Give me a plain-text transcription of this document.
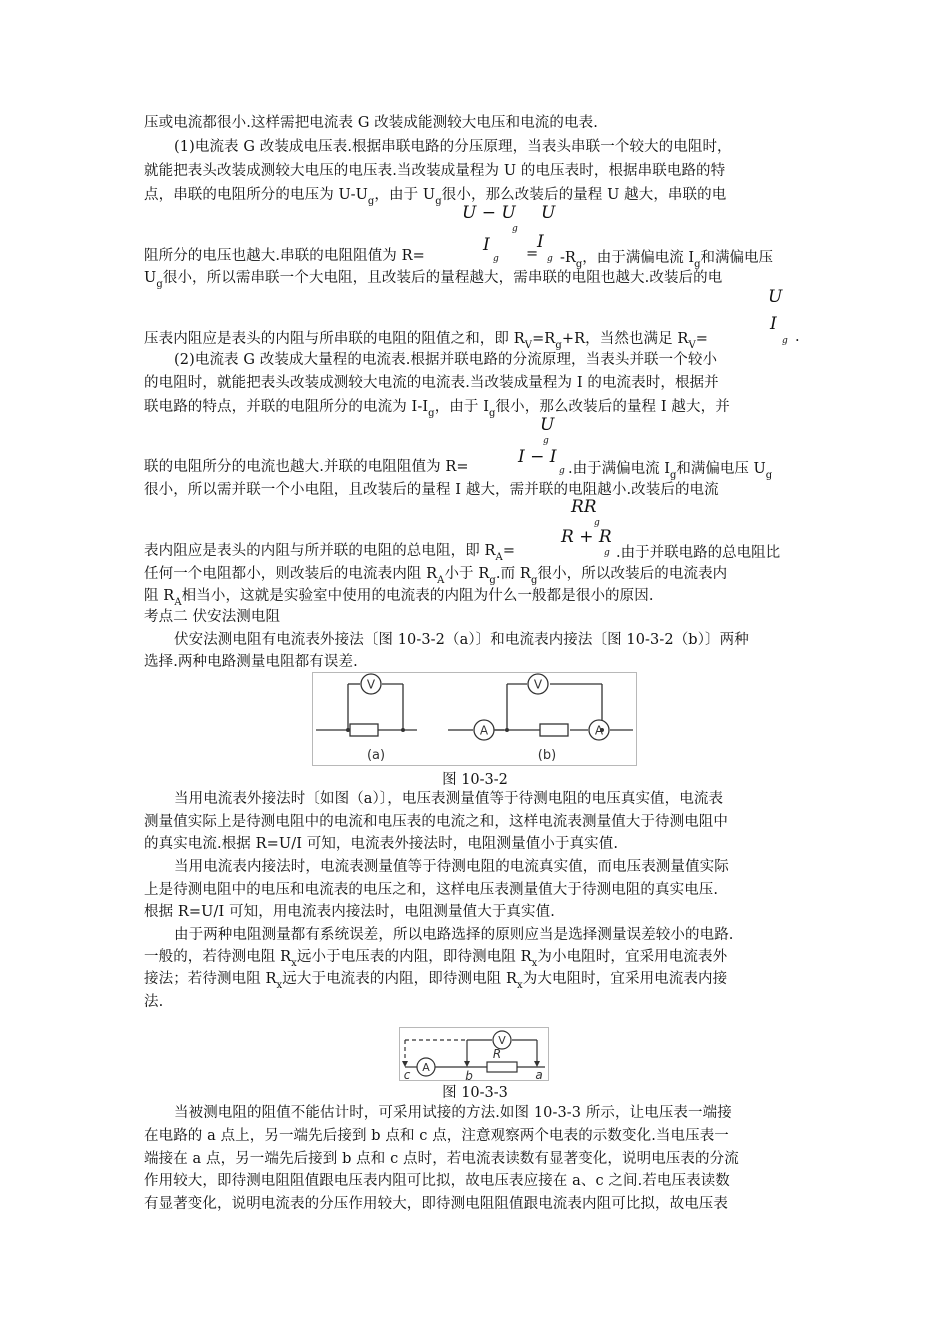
压或电流都很小.这样需把电流表 G 改装成能测较大电压和电流的电表.
(1)电流表 G 改装成电压表.根据串联电路的分压原理，当表头串联一个较大的电阻时，
就能把表头改装成测较大电压的电压表.当改装成量程为 U 的电压表时，根据串联电路的特
点，串联的电阻所分的电压为 $U-U_g$，由于 $U_g$很小，那么改装后的量程 U 越大，串联的电
U − U
g
U
阻所分的电压也越大.串联的电阻阻值为 R=
I
g =
I
g $-R_g$，由于满偏电流 $I_g$和满偏电压
$U_g$很小，所以需串联一个大电阻，且改装后的量程越大，需串联的电阻也越大.改装后的电
U
压表内阻应是表头的内阻与所串联的电阻的阻值之和，即 $R_V=R_g+R$，当然也满足 $R_V=$
I
g .
(2)电流表 G 改装成大量程的电流表.根据并联电路的分流原理，当表头并联一个较小
的电阻时，就能把表头改装成测较大电流的电流表.当改装成量程为 I 的电流表时，根据并
联电路的特点，并联的电阻所分的电流为 $I-I_g$，由于 $I_g$很小，那么改装后的量程 I 越大，并
U
g
联的电阻所分的电流也越大.并联的电阻阻值为 R=	I − I
g .由于满偏电流 $I_g$和满偏电压 $U_g$
很小，所以需并联一个小电阻，且改装后的量程 I 越大，需并联的电阻越小.改装后的电流
RR
g
表内阻应是表头的内阻与所并联的电阻的总电阻，即 $R_A=$
R + R
g .由于并联电路的总电阻比
任何一个电阻都小，则改装后的电流表内阻 $R_A$小于 $R_g$.而 $R_g$很小，所以改装后的电流表内
阻 $R_A$相当小，这就是实验室中使用的电流表的内阻为什么一般都是很小的原因.
考点二 伏安法测电阻
伏安法测电阻有电流表外接法〔图 10-3-2（a）〕和电流表内接法〔图 10-3-2（b）〕两种
选择.两种电路测量电阻都有误差.
V
A
V
A
(a)	(b)
图 10-3-2
当用电流表外接法时〔如图（a）〕，电压表测量值等于待测电阻的电压真实值，电流表
测量值实际上是待测电阻中的电流和电压表的电流之和，这样电流表测量值大于待测电阻中
的真实电流.根据 R=U/I 可知，电流表外接法时，电阻测量值小于真实值.
当用电流表内接法时，电流表测量值等于待测电阻的电流真实值，而电压表测量值实际
上是待测电阻中的电压和电流表的电压之和，这样电压表测量值大于待测电阻的真实电压.
根据 R=U/I 可知，用电流表内接法时，电阻测量值大于真实值.
由于两种电阻测量都有系统误差，所以电路选择的原则应当是选择测量误差较小的电路.
一般的，若待测电阻 $R_x$远小于电压表的内阻，即待测电阻 $R_x$为小电阻时，宜采用电流表外
接法；若待测电阻 $R_x$远大于电流表的内阻，即待测电阻 $R_x$为大电阻时，宜采用电流表内接
法.
A
V
R
c	b	a
图 10-3-3
当被测电阻的阻值不能估计时，可采用试接的方法.如图 10-3-3 所示，让电压表一端接
在电路的 a 点上，另一端先后接到 b 点和 c 点，注意观察两个电表的示数变化.当电压表一
端接在 a 点，另一端先后接到 b 点和 c 点时，若电流表读数有显著变化，说明电压表的分流
作用较大，即待测电阻阻值跟电压表内阻可比拟，故电压表应接在 a、c 之间.若电压表读数
有显著变化，说明电流表的分压作用较大，即待测电阻阻值跟电流表内阻可比拟，故电压表
